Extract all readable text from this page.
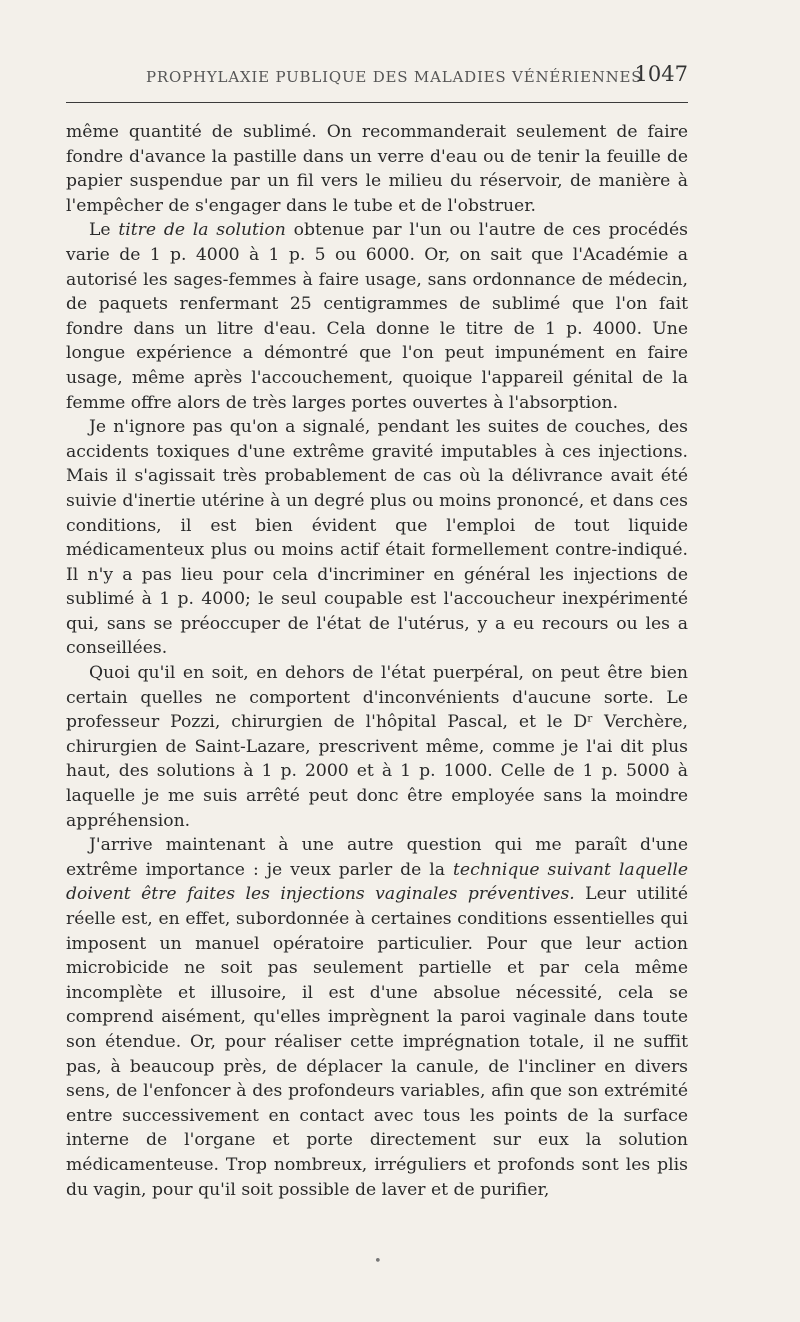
PROPHYLAXIE PUBLIQUE DES MALADIES VÉNÉRIENNES
1047

même quantité de sublimé. On recommanderait seulement de faire fondre d'avance la pastille dans un verre d'eau ou de tenir la feuille de papier suspendue par un fil vers le milieu du réservoir, de manière à l'empêcher de s'engager dans le tube et de l'obstruer.

Le titre de la solution obtenue par l'un ou l'autre de ces procédés varie de 1 p. 4000 à 1 p. 5 ou 6000. Or, on sait que l'Académie a autorisé les sages-femmes à faire usage, sans ordonnance de médecin, de paquets renfermant 25 centigrammes de sublimé que l'on fait fondre dans un litre d'eau. Cela donne le titre de 1 p. 4000. Une longue expérience a démontré que l'on peut impunément en faire usage, même après l'accouchement, quoique l'appareil génital de la femme offre alors de très larges portes ouvertes à l'absorption.

Je n'ignore pas qu'on a signalé, pendant les suites de couches, des accidents toxiques d'une extrême gravité imputables à ces injections. Mais il s'agissait très probablement de cas où la délivrance avait été suivie d'inertie utérine à un degré plus ou moins prononcé, et dans ces conditions, il est bien évident que l'emploi de tout liquide médicamenteux plus ou moins actif était formellement contre-indiqué. Il n'y a pas lieu pour cela d'incriminer en général les injections de sublimé à 1 p. 4000; le seul coupable est l'accoucheur inexpérimenté qui, sans se préoccuper de l'état de l'utérus, y a eu recours ou les a conseillées.

Quoi qu'il en soit, en dehors de l'état puerpéral, on peut être bien certain quelles ne comportent d'inconvénients d'aucune sorte. Le professeur Pozzi, chirurgien de l'hôpital Pascal, et le Dʳ Verchère, chirurgien de Saint-Lazare, prescrivent même, comme je l'ai dit plus haut, des solutions à 1 p. 2000 et à 1 p. 1000. Celle de 1 p. 5000 à laquelle je me suis arrêté peut donc être employée sans la moindre appréhension.

J'arrive maintenant à une autre question qui me paraît d'une extrême importance : je veux parler de la technique suivant laquelle doivent être faites les injections vaginales préventives. Leur utilité réelle est, en effet, subordonnée à certaines conditions essentielles qui imposent un manuel opératoire particulier. Pour que leur action microbicide ne soit pas seulement partielle et par cela même incomplète et illusoire, il est d'une absolue nécessité, cela se comprend aisément, qu'elles imprègnent la paroi vaginale dans toute son étendue. Or, pour réaliser cette imprégnation totale, il ne suffit pas, à beaucoup près, de déplacer la canule, de l'incliner en divers sens, de l'enfoncer à des profondeurs variables, afin que son extrémité entre successivement en contact avec tous les points de la surface interne de l'organe et porte directement sur eux la solution médicamenteuse. Trop nombreux, irréguliers et profonds sont les plis du vagin, pour qu'il soit possible de laver et de purifier,

•
